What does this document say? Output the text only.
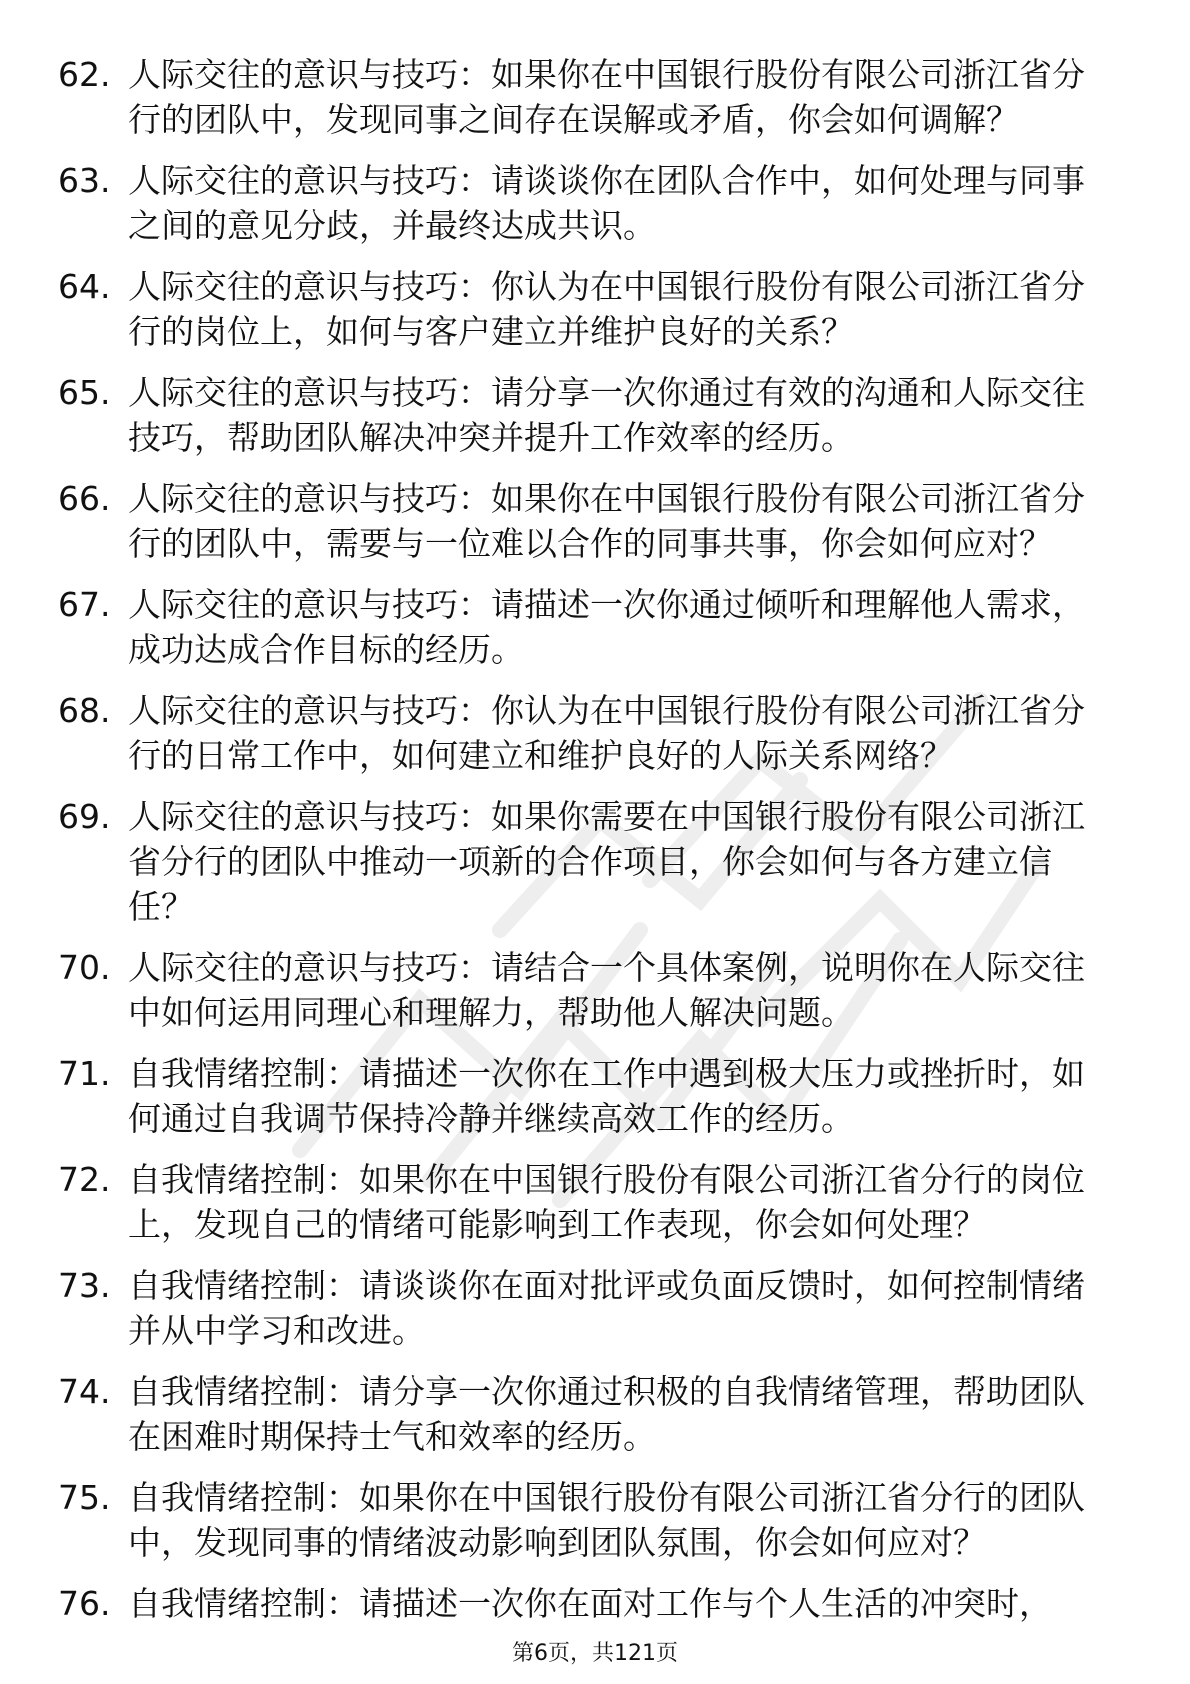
62. 人际交往的意识与技巧：如果你在中国银行股份有限公司浙江省分行的团队中，发现同事之间存在误解或矛盾，你会如何调解？
63. 人际交往的意识与技巧：请谈谈你在团队合作中，如何处理与同事之间的意见分歧，并最终达成共识。
64. 人际交往的意识与技巧：你认为在中国银行股份有限公司浙江省分行的岗位上，如何与客户建立并维护良好的关系？
65. 人际交往的意识与技巧：请分享一次你通过有效的沟通和人际交往技巧，帮助团队解决冲突并提升工作效率的经历。
66. 人际交往的意识与技巧：如果你在中国银行股份有限公司浙江省分行的团队中，需要与一位难以合作的同事共事，你会如何应对？
67. 人际交往的意识与技巧：请描述一次你通过倾听和理解他人需求，成功达成合作目标的经历。
68. 人际交往的意识与技巧：你认为在中国银行股份有限公司浙江省分行的日常工作中，如何建立和维护良好的人际关系网络？
69. 人际交往的意识与技巧：如果你需要在中国银行股份有限公司浙江省分行的团队中推动一项新的合作项目，你会如何与各方建立信任？
70. 人际交往的意识与技巧：请结合一个具体案例，说明你在人际交往中如何运用同理心和理解力，帮助他人解决问题。
71. 自我情绪控制：请描述一次你在工作中遇到极大压力或挫折时，如何通过自我调节保持冷静并继续高效工作的经历。
72. 自我情绪控制：如果你在中国银行股份有限公司浙江省分行的岗位上，发现自己的情绪可能影响到工作表现，你会如何处理？
73. 自我情绪控制：请谈谈你在面对批评或负面反馈时，如何控制情绪并从中学习和改进。
74. 自我情绪控制：请分享一次你通过积极的自我情绪管理，帮助团队在困难时期保持士气和效率的经历。
75. 自我情绪控制：如果你在中国银行股份有限公司浙江省分行的团队中，发现同事的情绪波动影响到团队氛围，你会如何应对？
76. 自我情绪控制：请描述一次你在面对工作与个人生活的冲突时，
第6页，共121页
